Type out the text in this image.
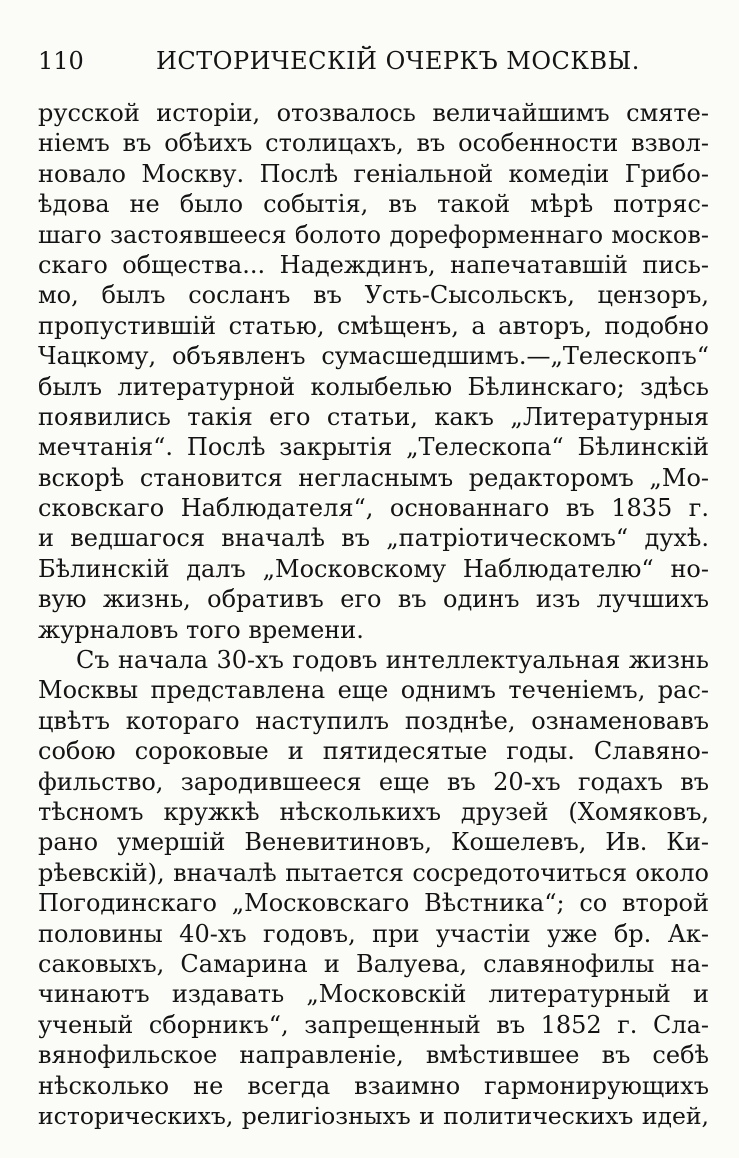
110	ИСТОРИЧЕСКІЙ ОЧЕРКЪ МОСКВЫ.
русской исторіи, отозвалось величайшимъ смяте-
ніемъ въ обѣихъ столицахъ, въ особенности взвол-
новало Москву. Послѣ геніальной комедіи Грибо-
ѣдова не было событія, въ такой мѣрѣ потряс-
шаго застоявшееся болото дореформеннаго москов-
скаго общества... Надеждинъ, напечатавшій пись-
мо, былъ сосланъ въ Усть-Сысольскъ, цензоръ,
пропустившій статью, смѣщенъ, а авторъ, подобно
Чацкому, объявленъ сумасшедшимъ.—„Телескопъ“
былъ литературной колыбелью Бѣлинскаго; здѣсь
появились такія его статьи, какъ „Литературныя
мечтанія“. Послѣ закрытія „Телескопа“ Бѣлинскій
вскорѣ становится негласнымъ редакторомъ „Мо-
сковскаго Наблюдателя“, основаннаго въ 1835 г.
и ведшагося вначалѣ въ „патріотическомъ“ духѣ.
Бѣлинскій далъ „Московскому Наблюдателю“ но-
вую жизнь, обративъ его въ одинъ изъ лучшихъ
журналовъ того времени.
Съ начала 30-хъ годовъ интеллектуальная жизнь
Москвы представлена еще однимъ теченіемъ, рас-
цвѣтъ котораго наступилъ позднѣе, ознаменовавъ
собою сороковые и пятидесятые годы. Славяно-
фильство, зародившееся еще въ 20-хъ годахъ въ
тѣсномъ кружкѣ нѣсколькихъ друзей (Хомяковъ,
рано умершій Веневитиновъ, Кошелевъ, Ив. Ки-
рѣевскій), вначалѣ пытается сосредоточиться около
Погодинскаго „Московскаго Вѣстника“; со второй
половины 40-хъ годовъ, при участіи уже бр. Ак-
саковыхъ, Самарина и Валуева, славянофилы на-
чинаютъ издавать „Московскій литературный и
ученый сборникъ“, запрещенный въ 1852 г. Сла-
вянофильское направленіе, вмѣстившее въ себѣ
нѣсколько не всегда взаимно гармонирующихъ
историческихъ, религіозныхъ и политическихъ идей,
